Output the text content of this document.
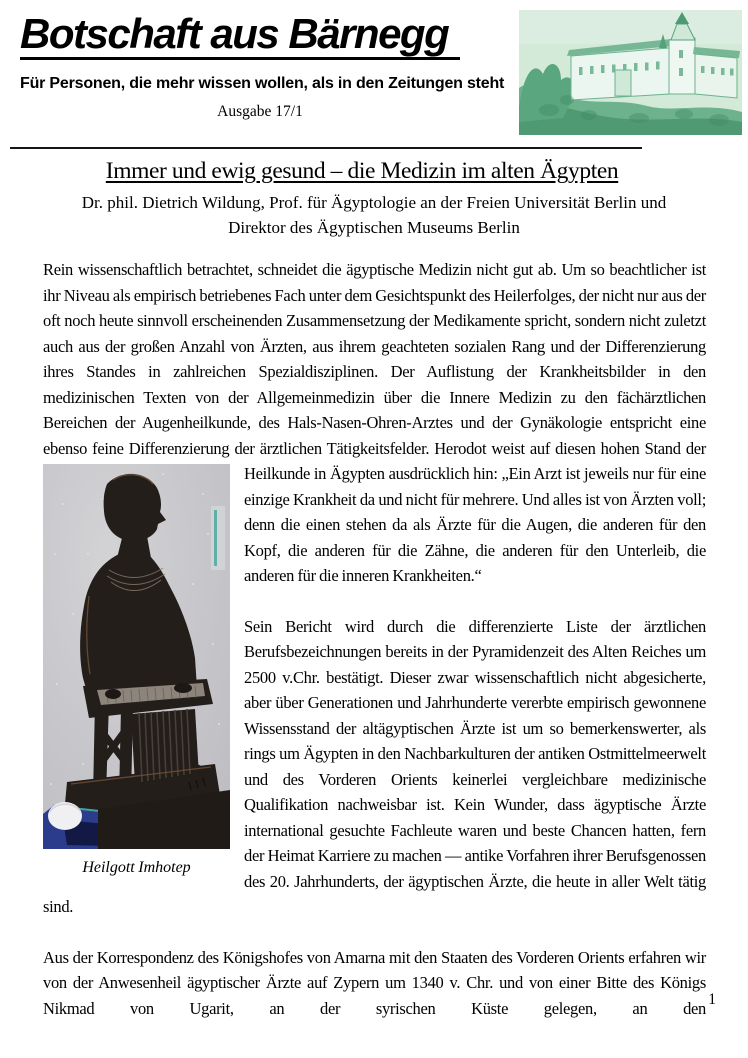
Botschaft aus Bärnegg

Für Personen, die mehr wissen wollen, als in den Zeitungen steht

Ausgabe 17/1

Immer und ewig gesund – die Medizin im alten Ägypten

Dr. phil. Dietrich Wildung, Prof. für Ägyptologie an der Freien Universität Berlin und Direktor des Ägyptischen Museums Berlin

Rein wissenschaftlich betrachtet, schneidet die ägyptische Medizin nicht gut ab. Um so beachtlicher ist ihr Niveau als empirisch betriebenes Fach unter dem Gesichtspunkt des Heilerfolges, der nicht nur aus der oft noch heute sinnvoll erscheinenden Zusammensetzung der Medikamente spricht, sondern nicht zuletzt auch aus der großen Anzahl von Ärzten, aus ihrem geachteten sozialen Rang und der Differenzierung ihres Standes in zahlreichen Spezialdisziplinen. Der Auflistung der Krankheitsbilder in den medizinischen Texten von der Allgemeinmedizin über die Innere Medizin zu den fächärztlichen Bereichen der Augenheilkunde, des Hals-Nasen-Ohren-Arztes und der Gynäkologie entspricht eine ebenso feine Differenzierung der ärztlichen Tätigkeitsfelder. Herodot weist auf diesen hohen Stand
Heilgott Imhotep
der Heilkunde in Ägypten ausdrücklich hin: „Ein Arzt ist jeweils nur für eine einzige Krankheit da und nicht für mehrere. Und alles ist von Ärzten voll; denn die einen stehen da als Ärzte für die Augen, die anderen für den Kopf, die anderen für die Zähne, die anderen für den Unterleib, die anderen für die inneren Krankheiten.“

Sein Bericht wird durch die differenzierte Liste der ärztlichen Berufsbezeichnungen bereits in der Pyramidenzeit des Alten Reiches um 2500 v.Chr. bestätigt. Dieser zwar wissenschaftlich nicht abgesicherte, aber über Generationen und Jahrhunderte vererbte empirisch gewonnene Wissensstand der altägyptischen Ärzte ist um so bemerkenswerter, als rings um Ägypten in den Nachbarkulturen der antiken Ostmittelmeerwelt und des Vorderen Orients keinerlei vergleichbare medizinische Qualifikation nachweisbar ist. Kein Wunder, dass ägyptische Ärzte international gesuchte Fachleute waren und beste Chancen hatten, fern der Heimat Karriere zu machen — antike Vorfahren ihrer Berufsgenossen des 20. Jahrhunderts, der ägyptischen Ärzte, die heute in aller Welt tätig sind.

Aus der Korrespondenz des Königshofes von Amarna mit den Staaten des Vorderen Orients erfahren wir von der Anwesenheil ägyptischer Ärzte auf Zypern um 1340 v. Chr. und von einer Bitte des Königs Nikmad von Ugarit, an der syrischen Küste gelegen, an den 1
